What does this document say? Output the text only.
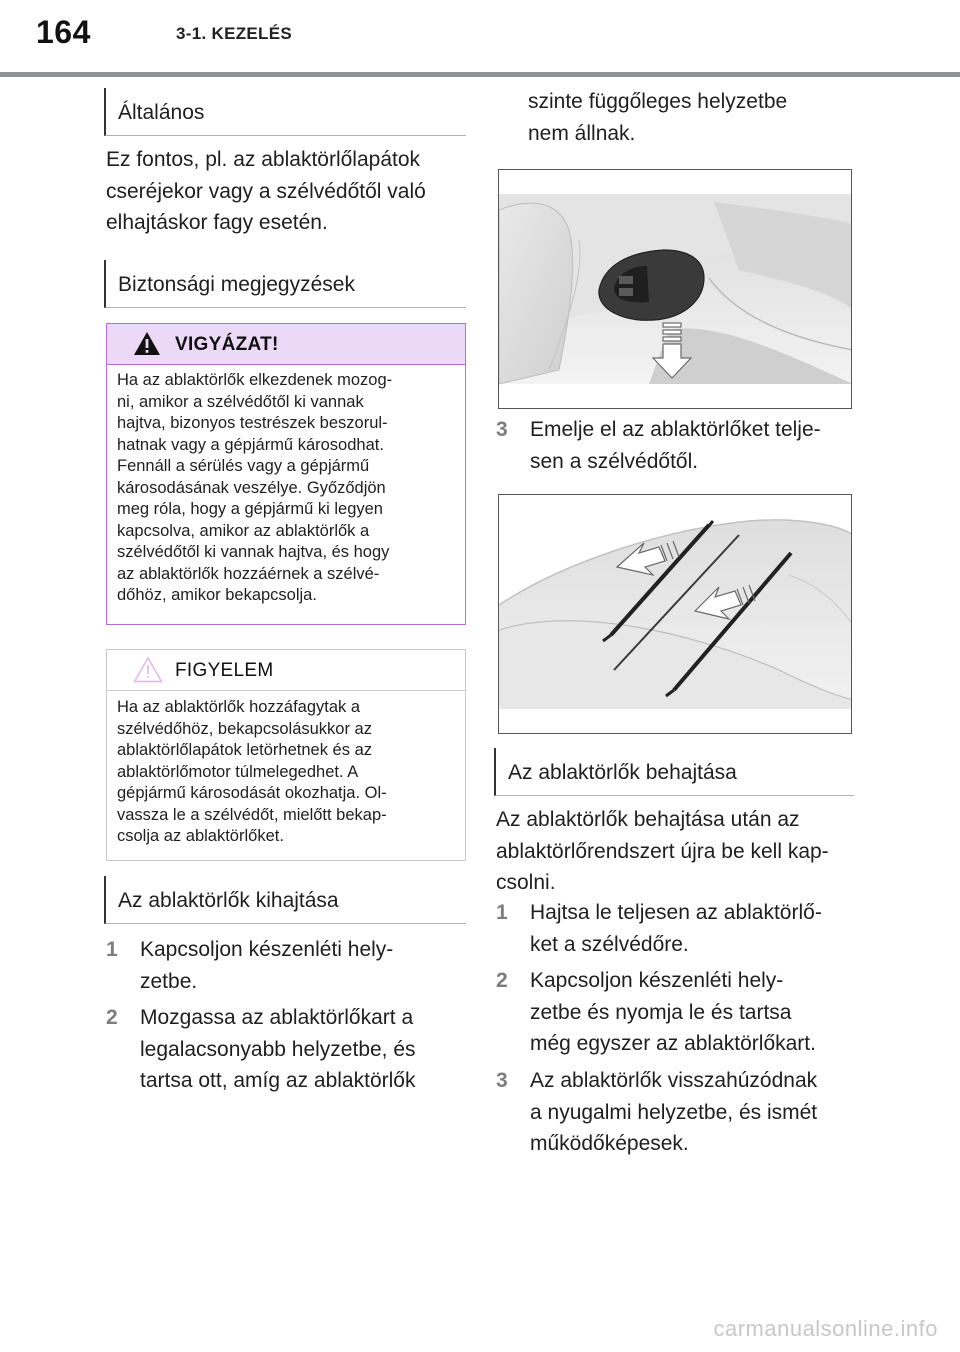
164	3-1. KEZELÉS
Általános
Ez fontos, pl. az ablaktörlőlapátok
cseréjekor vagy a szélvédőtől való
elhajtáskor fagy esetén.
Biztonsági megjegyzések
VIGYÁZAT!
Ha az ablaktörlők elkezdenek mozog-
ni, amikor a szélvédőtől ki vannak
hajtva, bizonyos testrészek beszorul-
hatnak vagy a gépjármű károsodhat.
Fennáll a sérülés vagy a gépjármű
károsodásának veszélye. Győződjön
meg róla, hogy a gépjármű ki legyen
kapcsolva, amikor az ablaktörlők a
szélvédőtől ki vannak hajtva, és hogy
az ablaktörlők hozzáérnek a szélvé-
dőhöz, amikor bekapcsolja.
FIGYELEM
Ha az ablaktörlők hozzáfagytak a
szélvédőhöz, bekapcsolásukkor az
ablaktörlőlapátok letörhetnek és az
ablaktörlőmotor túlmelegedhet. A
gépjármű károsodását okozhatja. Ol-
vassza le a szélvédőt, mielőtt bekap-
csolja az ablaktörlőket.
Az ablaktörlők kihajtása
1 Kapcsoljon készenléti hely-
zetbe.
2 Mozgassa az ablaktörlőkart a
legalacsonyabb helyzetbe, és
tartsa ott, amíg az ablaktörlők
szinte függőleges helyzetbe
nem állnak.
3 Emelje el az ablaktörlőket telje-
sen a szélvédőtől.
Az ablaktörlők behajtása
Az ablaktörlők behajtása után az
ablaktörlőrendszert újra be kell kap-
csolni.
1 Hajtsa le teljesen az ablaktörlő-
ket a szélvédőre.
2 Kapcsoljon készenléti hely-
zetbe és nyomja le és tartsa
még egyszer az ablaktörlőkart.
3 Az ablaktörlők visszahúzódnak
a nyugalmi helyzetbe, és ismét
működőképesek.
carmanualsonline.info
